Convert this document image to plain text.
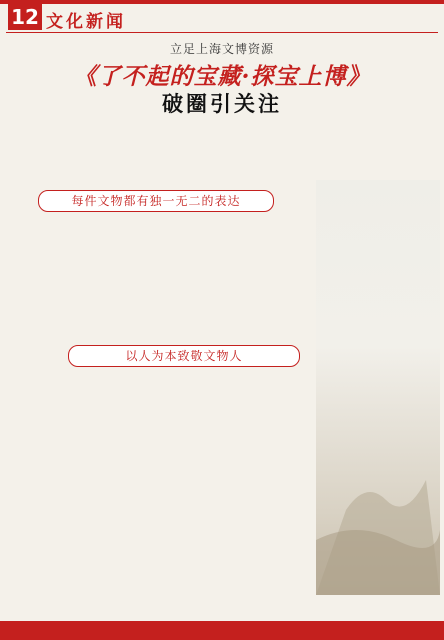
12 文化新闻
立足上海文博资源
《了不起的宝藏·探宝上博》
破圈引关注
每件文物都有独一无二的表达
以人为本致敬文物人
